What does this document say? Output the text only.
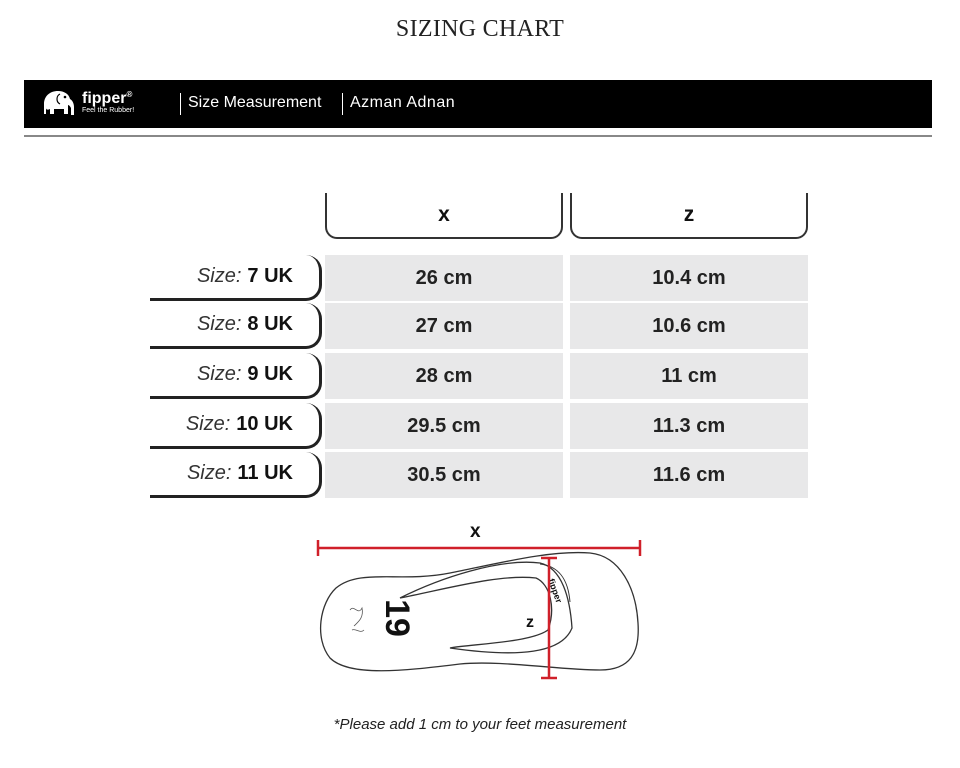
SIZING CHART
fipper®
Feel the Rubber!	Size Measurement Azman Adnan
x	z
Size: 7 UK	26 cm	10.4 cm
Size: 8 UK	27 cm	10.6 cm
Size: 9 UK	28 cm	11 cm
Size: 10 UK	29.5 cm	11.3 cm
Size: 11 UK	30.5 cm	11.6 cm
19
fipper
x
z
*Please add 1 cm to your feet measurement
